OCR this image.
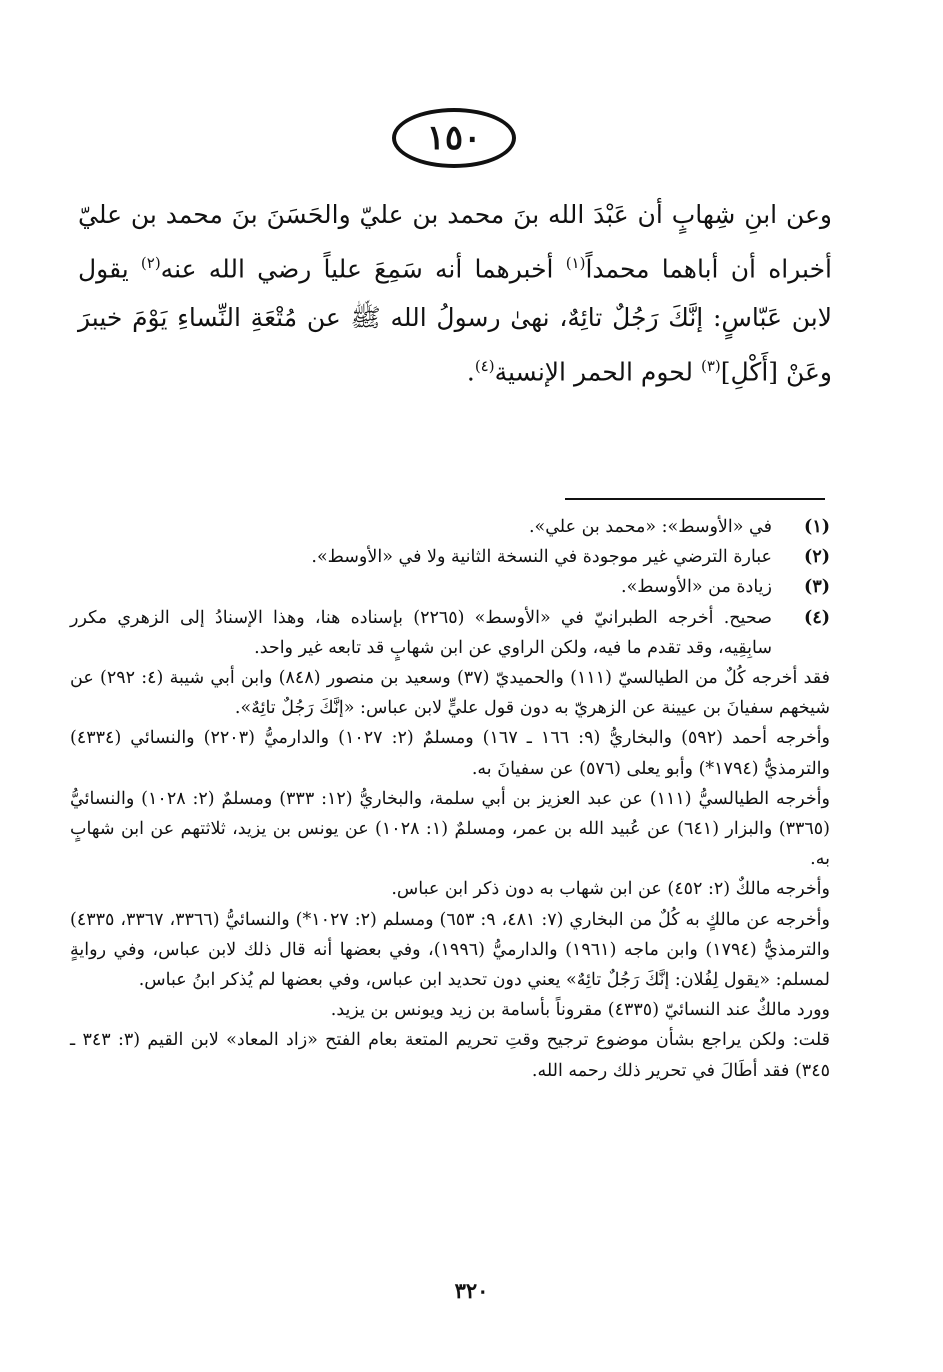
١٥٠

وعن ابنِ شِهابٍ أن عَبْدَ الله بنَ محمد بن عليّ والحَسَنَ بنَ محمد بن عليّ أخبراه أن أباهما محمداً$^{(١)}$ أخبرهما أنه سَمِعَ علياً رضي الله عنه$^{(٢)}$ يقول لابن عَبّاسٍ: إنَّكَ رَجُلٌ تائِهٌ، نهىٰ رسولُ الله ﷺ عن مُتْعَةِ النِّساءِ يَوْمَ خيبرَ وعَنْ [أَكْلِ]$^{(٣)}$ لحوم الحمر الإنسية$^{(٤)}$.

(١)
في «الأوسط»: «محمد بن علي».
(٢)
عبارة الترضي غير موجودة في النسخة الثانية ولا في «الأوسط».
(٣)
زيادة من «الأوسط».
(٤)
صحيح. أخرجه الطبرانيّ في «الأوسط» (٢٢٦٥) بإسناده هنا، وهذا الإسنادُ إلى الزهري مكرر سابِقِيه، وقد تقدم ما فيه، ولكن الراوي عن ابن شهابٍ قد تابعه غير واحد.

فقد أخرجه كُلٌ من الطيالسيّ (١١١) والحميديّ (٣٧) وسعيد بن منصور (٨٤٨) وابن أبي شيبة (٤: ٢٩٢) عن شيخهم سفيانَ بن عيينة عن الزهريّ به دون قول عليٍّ لابن عباس: «إنَّكَ رَجُلٌ تائِهٌ».

وأخرجه أحمد (٥٩٢) والبخاريُّ (٩: ١٦٦ ـ ١٦٧) ومسلمٌ (٢: ١٠٢٧) والدارميُّ (٢٢٠٣) والنسائي (٤٣٣٤) والترمذيُّ (١٧٩٤*) وأبو يعلى (٥٧٦) عن سفيانَ به.

وأخرجه الطيالسيُّ (١١١) عن عبد العزيز بن أبي سلمة، والبخاريُّ (١٢: ٣٣٣) ومسلمٌ (٢: ١٠٢٨) والنسائيُّ (٣٣٦٥) والبزار (٦٤١) عن عُبيد الله بن عمر، ومسلمٌ (١: ١٠٢٨) عن يونس بن يزيد، ثلاثتهم عن ابن شهابٍ به.

وأخرجه مالكٌ (٢: ٤٥٢) عن ابن شهاب به دون ذكر ابن عباس.

وأخرجه عن مالكٍ به كُلٌ من البخاري (٧: ٤٨١، ٩: ٦٥٣) ومسلم (٢: ١٠٢٧*) والنسائيُّ (٣٣٦٦، ٣٣٦٧، ٤٣٣٥) والترمذيُّ (١٧٩٤) وابن ماجه (١٩٦١) والدارميُّ (١٩٩٦)، وفي بعضها أنه قال ذلك لابن عباس، وفي روايةٍ لمسلم: «يقول لِفُلان: إنَّكَ رَجُلٌ تائِهٌ» يعني دون تحديد ابن عباس، وفي بعضها لم يُذكر ابنُ عباس.

وورد مالكٌ عند النسائيّ (٤٣٣٥) مقروناً بأسامة بن زيد ويونس بن يزيد.

قلت: ولكن يراجع بشأن موضوع ترجيح وقتِ تحريم المتعة بعام الفتح «زاد المعاد» لابن القيم (٣: ٣٤٣ ـ ٣٤٥) فقد أطَالَ في تحرير ذلك رحمه الله.

٣٢٠
